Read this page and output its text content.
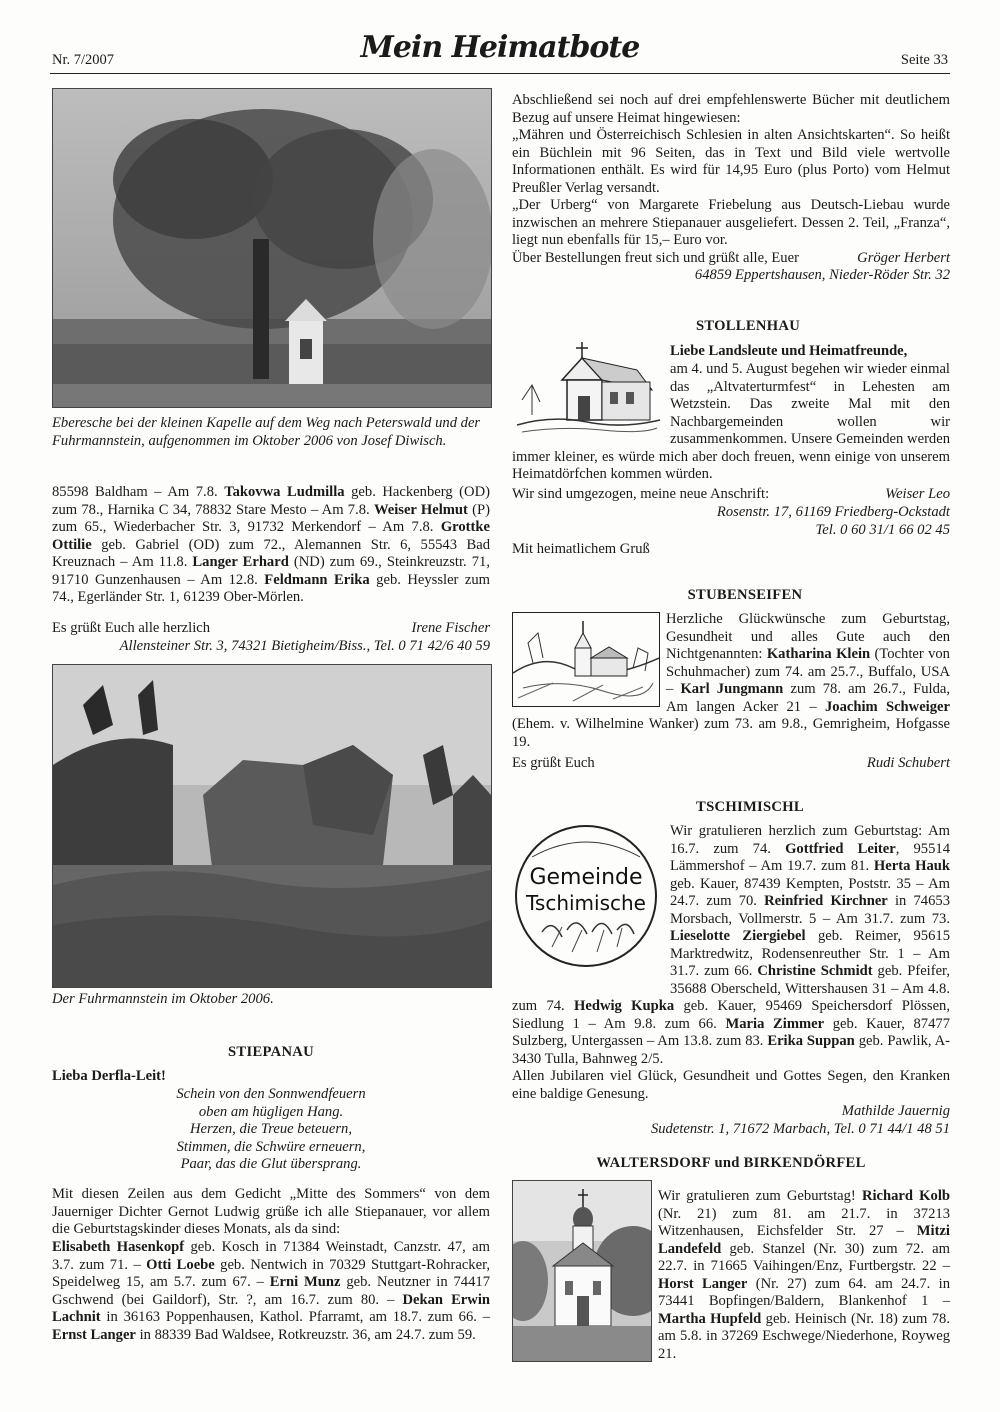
Nr. 7/2007	Mein Heimatbote	Seite 33
Eberesche bei der kleinen Kapelle auf dem Weg nach Peterswald und der Fuhrmannstein, aufgenommen im Oktober 2006 von Josef Diwisch.

85598 Baldham – Am 7.8. Takovwa Ludmilla geb. Hackenberg (OD) zum 78., Harnika C 34, 78832 Stare Mesto – Am 7.8. Weiser Helmut (P) zum 65., Wiederbacher Str. 3, 91732 Merkendorf – Am 7.8. Grottke Ottilie geb. Gabriel (OD) zum 72., Alemannen Str. 6, 55543 Bad Kreuznach – Am 11.8. Langer Erhard (ND) zum 69., Steinkreuzstr. 71, 91710 Gunzenhausen – Am 12.8. Feldmann Erika geb. Heyssler zum 74., Egerländer Str. 1, 61239 Ober-Mörlen.

Es grüßt Euch alle herzlich	Irene Fischer
Allensteiner Str. 3, 74321 Bietigheim/Biss., Tel. 0 71 42/6 40 59
Der Fuhrmannstein im Oktober 2006.
STIEPANAU
Lieba Derfla-Leit!
Schein von den Sonnwendfeuern
oben am hügligen Hang.
Herzen, die Treue beteuern,
Stimmen, die Schwüre erneuern,
Paar, das die Glut übersprang.
Mit diesen Zeilen aus dem Gedicht „Mitte des Sommers“ von dem Jauerniger Dichter Gernot Ludwig grüße ich alle Stiepanauer, vor allem die Geburtstagskinder dieses Monats, als da sind:

Elisabeth Hasenkopf geb. Kosch in 71384 Weinstadt, Canzstr. 47, am 3.7. zum 71. – Otti Loebe geb. Nentwich in 70329 Stuttgart-Rohracker, Speidelweg 15, am 5.7. zum 67. – Erni Munz geb. Neutzner in 74417 Gschwend (bei Gaildorf), Str. ?, am 16.7. zum 80. – Dekan Erwin Lachnit in 36163 Poppenhausen, Kathol. Pfarramt, am 18.7. zum 66. – Ernst Langer in 88339 Bad Waldsee, Rotkreuzstr. 36, am 24.7. zum 59.

Abschließend sei noch auf drei empfehlenswerte Bücher mit deutlichem Bezug auf unsere Heimat hingewiesen:

„Mähren und Österreichisch Schlesien in alten Ansichtskarten“. So heißt ein Büchlein mit 96 Seiten, das in Text und Bild viele wertvolle Informationen enthält. Es wird für 14,95 Euro (plus Porto) vom Helmut Preußler Verlag versandt.

„Der Urberg“ von Margarete Friebelung aus Deutsch-Liebau wurde inzwischen an mehrere Stiepanauer ausgeliefert. Dessen 2. Teil, „Franza“, liegt nun ebenfalls für 15,– Euro vor.

Über Bestellungen freut sich und grüßt alle, Euer	Gröger Herbert
64859 Eppertshausen, Nieder-Röder Str. 32
STOLLENHAU
Liebe Landsleute und Heimatfreunde,

am 4. und 5. August begehen wir wieder einmal das „Altvaterturmfest“ in Lehesten am Wetzstein. Das zweite Mal mit den Nachbargemeinden wollen wir zusammenkommen. Unsere Gemeinden werden immer kleiner, es würde mich aber doch freuen, wenn einige von unserem Heimatdörfchen kommen würden.

Wir sind umgezogen, meine neue Anschrift:	Weiser Leo
Rosenstr. 17, 61169 Friedberg-Ockstadt
Tel. 0 60 31/1 66 02 45
Mit heimatlichem Gruß
STUBENSEIFEN

Herzliche Glückwünsche zum Geburtstag, Gesundheit und alles Gute auch den Nichtgenannten: Katharina Klein (Tochter von Schuhmacher) zum 74. am 25.7., Buffalo, USA – Karl Jungmann zum 78. am 26.7., Fulda, Am langen Acker 21 – Joachim Schweiger (Ehem. v. Wilhelmine Wanker) zum 73. am 9.8., Gemrigheim, Hofgasse 19.

Es grüßt Euch	Rudi Schubert
TSCHIMISCHL
Gemeinde
Tschimische

Wir gratulieren herzlich zum Geburtstag: Am 16.7. zum 74. Gottfried Leiter, 95514 Lämmershof – Am 19.7. zum 81. Herta Hauk geb. Kauer, 87439 Kempten, Poststr. 35 – Am 24.7. zum 70. Reinfried Kirchner in 74653 Morsbach, Vollmerstr. 5 – Am 31.7. zum 73. Lieselotte Ziergiebel geb. Reimer, 95615 Marktredwitz, Rodensenreuther Str. 1 – Am 31.7. zum 66. Christine Schmidt geb. Pfeifer, 35688 Oberscheld, Wittershausen 31 – Am 4.8. zum 74. Hedwig Kupka geb. Kauer, 95469 Speichersdorf Plössen, Siedlung 1 – Am 9.8. zum 66. Maria Zimmer geb. Kauer, 87477 Sulzberg, Untergassen – Am 13.8. zum 83. Erika Suppan geb. Pawlik, A-3430 Tulla, Bahnweg 2/5.

Allen Jubilaren viel Glück, Gesundheit und Gottes Segen, den Kranken eine baldige Genesung.

Mathilde Jauernig
Sudetenstr. 1, 71672 Marbach, Tel. 0 71 44/1 48 51
WALTERSDORF und BIRKENDÖRFEL

Wir gratulieren zum Geburtstag! Richard Kolb (Nr. 21) zum 81. am 21.7. in 37213 Witzenhausen, Eichsfelder Str. 27 – Mitzi Landefeld geb. Stanzel (Nr. 30) zum 72. am 22.7. in 71665 Vaihingen/Enz, Furtbergstr. 22 – Horst Langer (Nr. 27) zum 64. am 24.7. in 73441 Bopfingen/Baldern, Blankenhof 1 – Martha Hupfeld geb. Heinisch (Nr. 18) zum 78. am 5.8. in 37269 Eschwege/Niederhone, Royweg 21.
